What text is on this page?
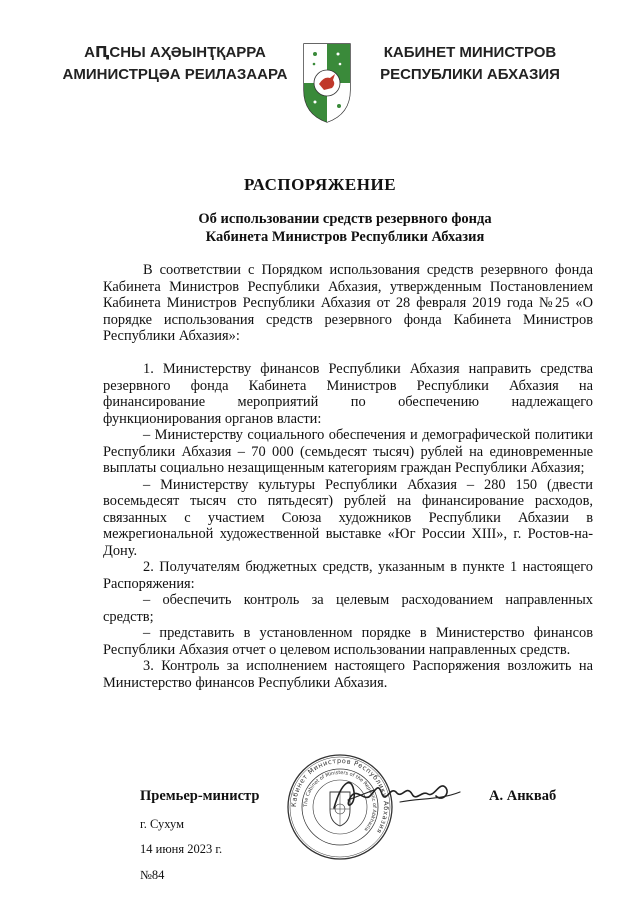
АԤСНЫ АҲӘЫНҬҚАРРА
АМИНИСТРЦӘА РЕИЛАЗААРА
КАБИНЕТ МИНИСТРОВ
РЕСПУБЛИКИ АБХАЗИЯ
РАСПОРЯЖЕНИЕ
Об использовании средств резервного фонда
Кабинета Министров Республики Абхазия

В соответствии с Порядком использования средств резервного фонда Кабинета Министров Республики Абхазия, утвержденным Постановлением Кабинета Министров Республики Абхазия от 28 февраля 2019 года №25 «О порядке использования средств резервного фонда Кабинета Министров Республики Абхазия»:

1. Министерству финансов Республики Абхазия направить средства резервного фонда Кабинета Министров Республики Абхазия на финансирование мероприятий по обеспечению надлежащего функционирования органов власти:

– Министерству социального обеспечения и демографической политики Республики Абхазия – 70 000 (семьдесят тысяч) рублей на единовременные выплаты социально незащищенным категориям граждан Республики Абхазия;

– Министерству культуры Республики Абхазия – 280 150 (двести восемьдесят тысяч сто пятьдесят) рублей на финансирование расходов, связанных с участием Союза художников Республики Абхазии в межрегиональной художественной выставке «Юг России XIII», г. Ростов-на-Дону.

2. Получателям бюджетных средств, указанным в пункте 1 настоящего Распоряжения:

– обеспечить контроль за целевым расходованием направленных средств;

– представить в установленном порядке в Министерство финансов Республики Абхазия отчет о целевом использовании направленных средств.

3. Контроль за исполнением настоящего Распоряжения возложить на Министерство финансов Республики Абхазия.

Кабинет Министров Республики Абхазия
The Cabinet of Ministers of the Republic of Abkhazia
Премьер-министр	А. Анкваб
г. Сухум
14 июня 2023 г.
№84
